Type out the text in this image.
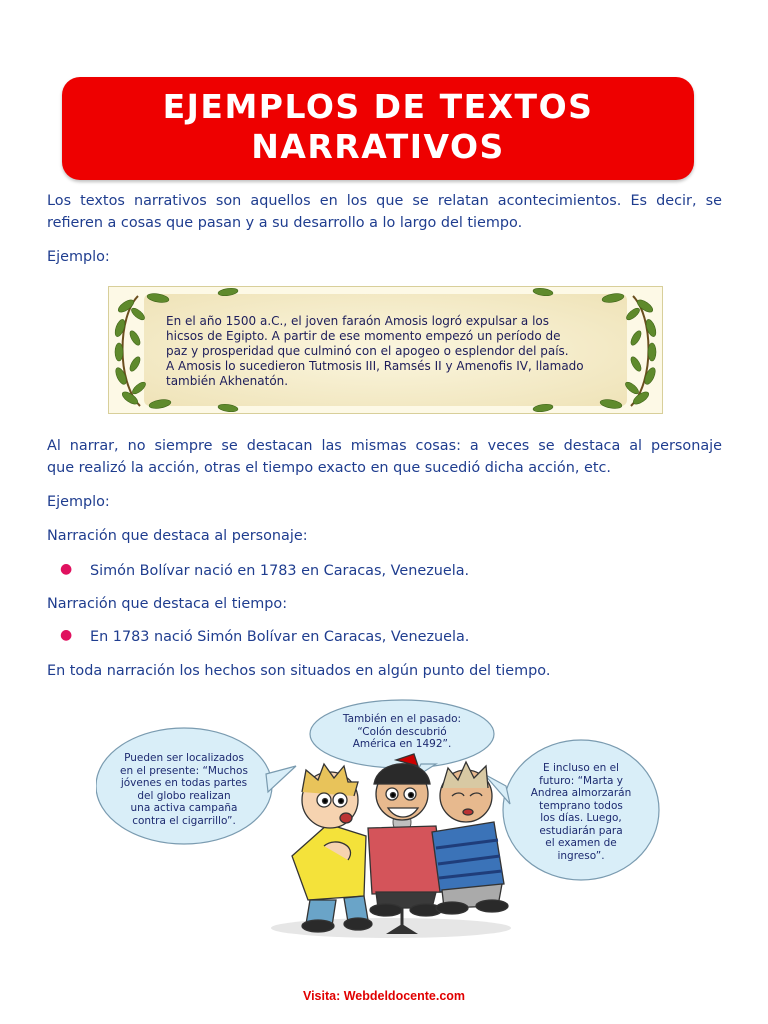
EJEMPLOS DE TEXTOS
NARRATIVOS
Los textos narrativos son aquellos en los que se relatan acontecimientos. Es decir, se
refieren a cosas que pasan y a su desarrollo a lo largo del tiempo.
Ejemplo:
En el año 1500 a.C., el joven faraón Amosis logró expulsar a los
hicsos de Egipto. A partir de ese momento empezó un período de
paz y prosperidad que culminó con el apogeo o esplendor del país.
A Amosis lo sucedieron Tutmosis III, Ramsés II y Amenofis IV, llamado
también Akhenatón.
Al narrar, no siempre se destacan las mismas cosas: a veces se destaca al personaje
que realizó la acción, otras el tiempo exacto en que sucedió dicha acción, etc.
Ejemplo:
Narración que destaca al personaje:
● Simón Bolívar nació en 1783 en Caracas, Venezuela.
Narración que destaca el tiempo:
● En 1783 nació Simón Bolívar en Caracas, Venezuela.
En toda narración los hechos son situados en algún punto del tiempo.
Pueden ser localizados
en el presente: “Muchos
jóvenes en todas partes
del globo realizan
una activa campaña
contra el cigarrillo”.
También en el pasado:
“Colón descubrió
América en 1492”.
E incluso en el
futuro: “Marta y
Andrea almorzarán
temprano todos
los días. Luego,
estudiarán para
el examen de
ingreso”.
Visita: Webdeldocente.com
